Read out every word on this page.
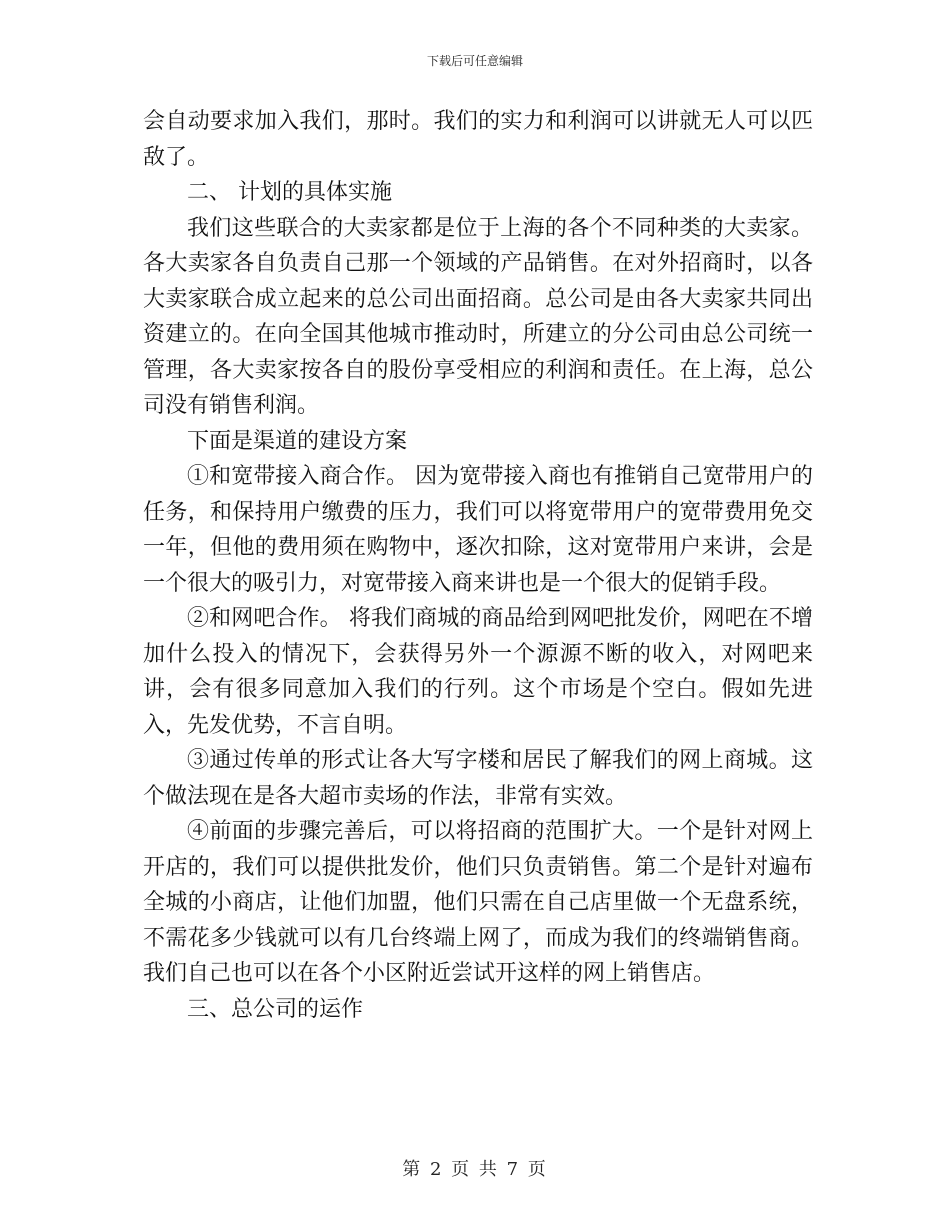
下载后可任意编辑

会自动要求加入我们，那时。我们的实力和利润可以讲就无人可以匹敌了。

二、 计划的具体实施

我们这些联合的大卖家都是位于上海的各个不同种类的大卖家。各大卖家各自负责自己那一个领域的产品销售。在对外招商时，以各大卖家联合成立起来的总公司出面招商。总公司是由各大卖家共同出资建立的。在向全国其他城市推动时，所建立的分公司由总公司统一管理，各大卖家按各自的股份享受相应的利润和责任。在上海，总公司没有销售利润。

下面是渠道的建设方案

①和宽带接入商合作。 因为宽带接入商也有推销自己宽带用户的任务，和保持用户缴费的压力，我们可以将宽带用户的宽带费用免交一年，但他的费用须在购物中，逐次扣除，这对宽带用户来讲，会是一个很大的吸引力，对宽带接入商来讲也是一个很大的促销手段。

②和网吧合作。 将我们商城的商品给到网吧批发价，网吧在不增加什么投入的情况下，会获得另外一个源源不断的收入，对网吧来讲，会有很多同意加入我们的行列。这个市场是个空白。假如先进入，先发优势，不言自明。

③通过传单的形式让各大写字楼和居民了解我们的网上商城。这个做法现在是各大超市卖场的作法，非常有实效。

④前面的步骤完善后，可以将招商的范围扩大。一个是针对网上开店的，我们可以提供批发价，他们只负责销售。第二个是针对遍布全城的小商店，让他们加盟，他们只需在自己店里做一个无盘系统，不需花多少钱就可以有几台终端上网了，而成为我们的终端销售商。我们自己也可以在各个小区附近尝试开这样的网上销售店。

三、总公司的运作

第 2 页 共 7 页
